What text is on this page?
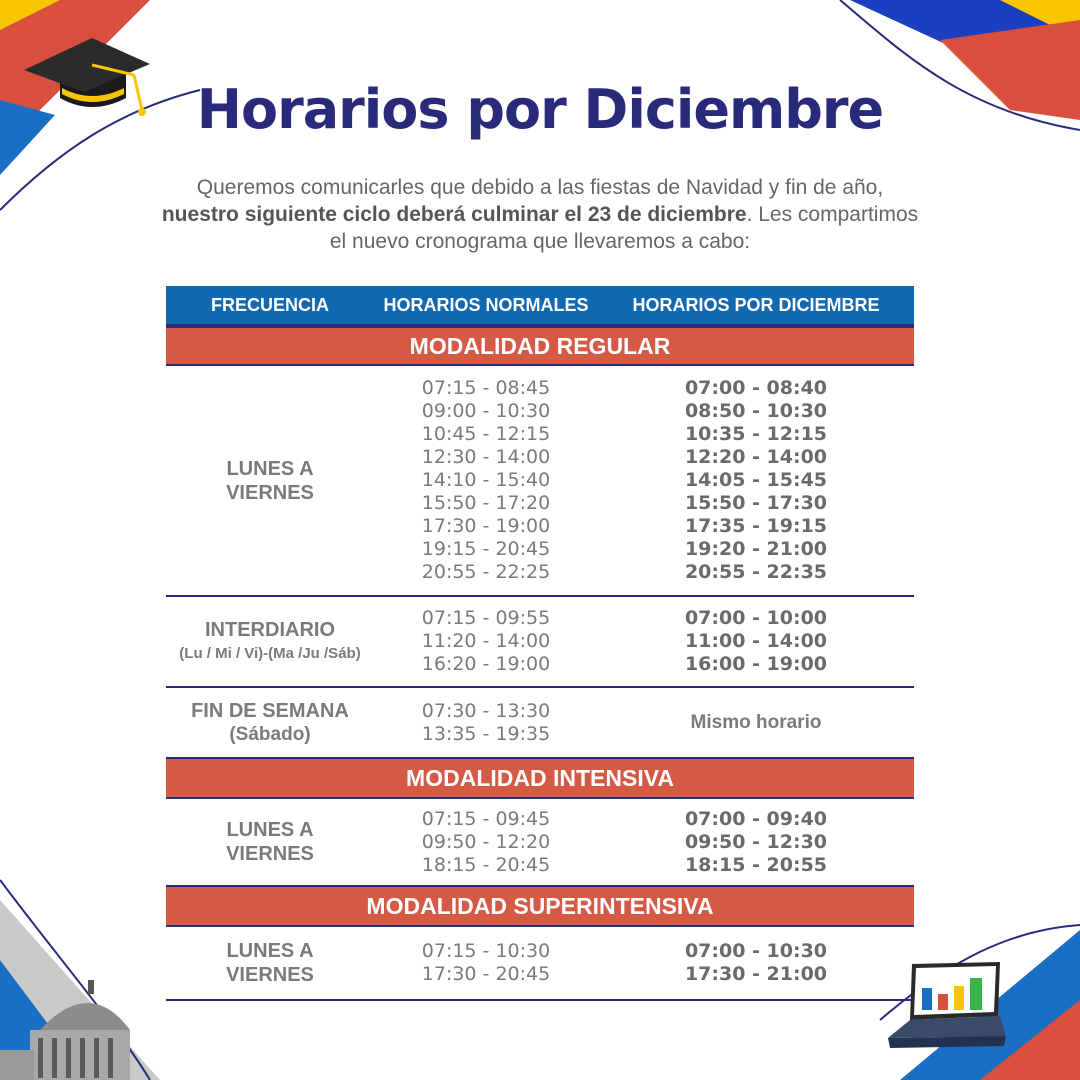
Horarios por Diciembre
Queremos comunicarles que debido a las fiestas de Navidad y fin de año, nuestro siguiente ciclo deberá culminar el 23 de diciembre. Les compartimos el nuevo cronograma que llevaremos a cabo:
FRECUENCIA	HORARIOS NORMALES	HORARIOS POR DICIEMBRE
MODALIDAD REGULAR
LUNES A VIERNES
07:15 - 08:45
09:00 - 10:30
10:45 - 12:15
12:30 - 14:00
14:10 - 15:40
15:50 - 17:20
17:30 - 19:00
19:15 - 20:45
20:55 - 22:25
07:00 - 08:40
08:50 - 10:30
10:35 - 12:15
12:20 - 14:00
14:05 - 15:45
15:50 - 17:30
17:35 - 19:15
19:20 - 21:00
20:55 - 22:35
INTERDIARIO
(Lu / Mi / Vi)-(Ma /Ju /Sáb)
07:15 - 09:55
11:20 - 14:00
16:20 - 19:00
07:00 - 10:00
11:00 - 14:00
16:00 - 19:00
FIN DE SEMANA
(Sábado)
07:30 - 13:30
13:35 - 19:35
Mismo horario
MODALIDAD INTENSIVA
LUNES A VIERNES
07:15 - 09:45
09:50 - 12:20
18:15 - 20:45
07:00 - 09:40
09:50 - 12:30
18:15 - 20:55
MODALIDAD SUPERINTENSIVA
LUNES A VIERNES
07:15 - 10:30
17:30 - 20:45
07:00 - 10:30
17:30 - 21:00
